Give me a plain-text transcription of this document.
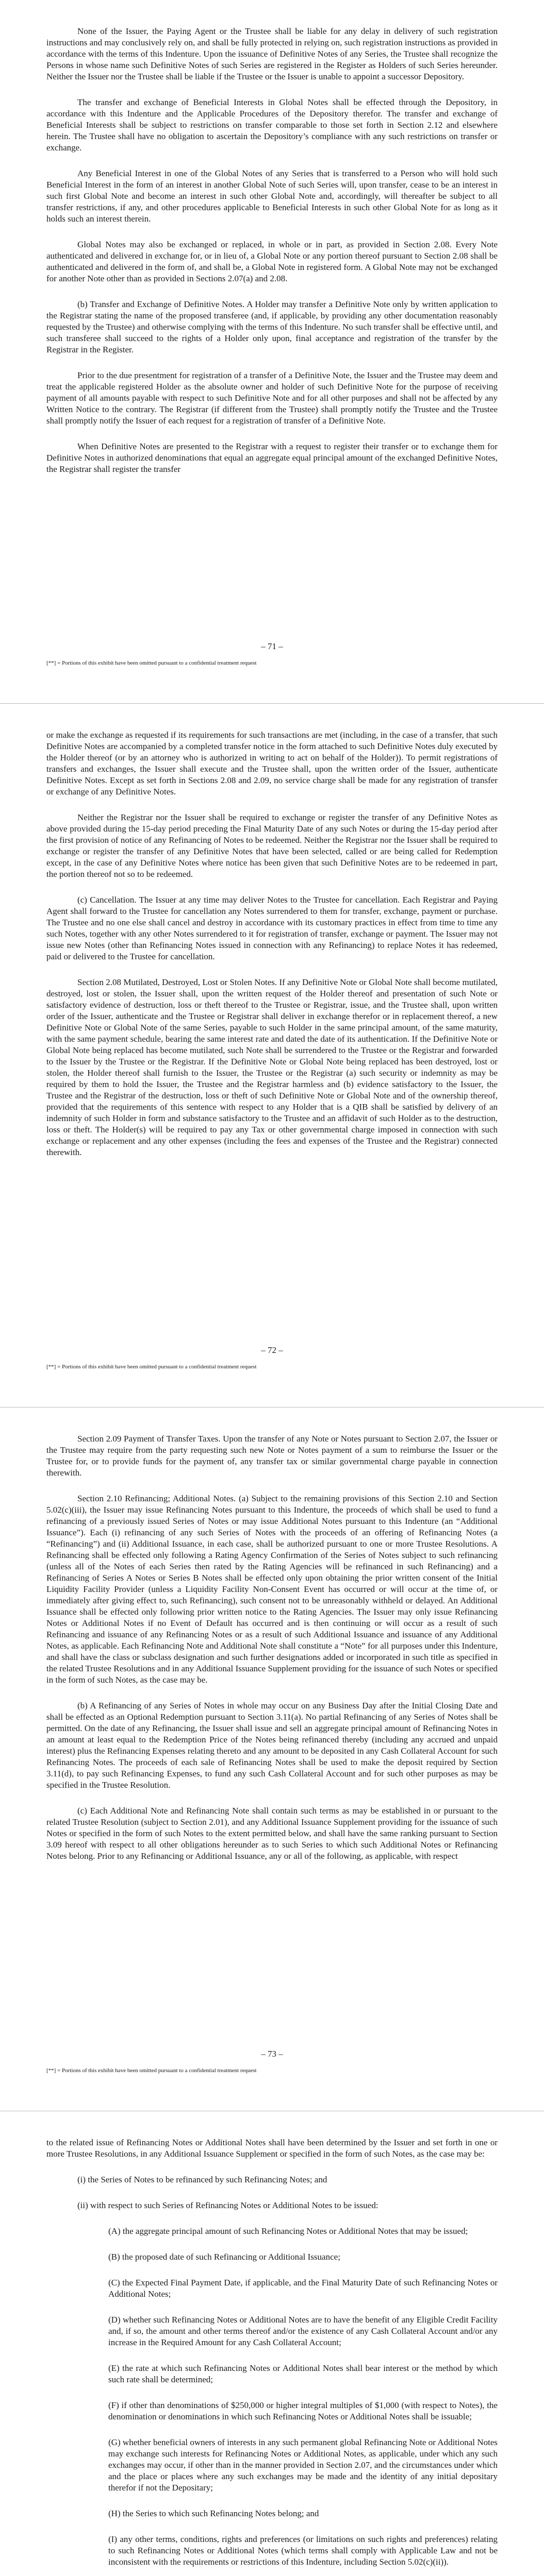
None of the Issuer, the Paying Agent or the Trustee shall be liable for any delay in delivery of such registration instructions and may conclusively rely on, and shall be fully protected in relying on, such registration instructions as provided in accordance with the terms of this Indenture. Upon the issuance of Definitive Notes of any Series, the Trustee shall recognize the Persons in whose name such Definitive Notes of such Series are registered in the Register as Holders of such Series hereunder. Neither the Issuer nor the Trustee shall be liable if the Trustee or the Issuer is unable to appoint a successor Depository.

The transfer and exchange of Beneficial Interests in Global Notes shall be effected through the Depository, in accordance with this Indenture and the Applicable Procedures of the Depository therefor. The transfer and exchange of Beneficial Interests shall be subject to restrictions on transfer comparable to those set forth in Section 2.12 and elsewhere herein. The Trustee shall have no obligation to ascertain the Depository’s compliance with any such restrictions on transfer or exchange.

Any Beneficial Interest in one of the Global Notes of any Series that is transferred to a Person who will hold such Beneficial Interest in the form of an interest in another Global Note of such Series will, upon transfer, cease to be an interest in such first Global Note and become an interest in such other Global Note and, accordingly, will thereafter be subject to all transfer restrictions, if any, and other procedures applicable to Beneficial Interests in such other Global Note for as long as it holds such an interest therein.

Global Notes may also be exchanged or replaced, in whole or in part, as provided in Section 2.08. Every Note authenticated and delivered in exchange for, or in lieu of, a Global Note or any portion thereof pursuant to Section 2.08 shall be authenticated and delivered in the form of, and shall be, a Global Note in registered form. A Global Note may not be exchanged for another Note other than as provided in Sections 2.07(a) and 2.08.

(b) Transfer and Exchange of Definitive Notes. A Holder may transfer a Definitive Note only by written application to the Registrar stating the name of the proposed transferee (and, if applicable, by providing any other documentation reasonably requested by the Trustee) and otherwise complying with the terms of this Indenture. No such transfer shall be effective until, and such transferee shall succeed to the rights of a Holder only upon, final acceptance and registration of the transfer by the Registrar in the Register.

Prior to the due presentment for registration of a transfer of a Definitive Note, the Issuer and the Trustee may deem and treat the applicable registered Holder as the absolute owner and holder of such Definitive Note for the purpose of receiving payment of all amounts payable with respect to such Definitive Note and for all other purposes and shall not be affected by any Written Notice to the contrary. The Registrar (if different from the Trustee) shall promptly notify the Trustee and the Trustee shall promptly notify the Issuer of each request for a registration of transfer of a Definitive Note.

When Definitive Notes are presented to the Registrar with a request to register their transfer or to exchange them for Definitive Notes in authorized denominations that equal an aggregate equal principal amount of the exchanged Definitive Notes, the Registrar shall register the transfer

– 71 –
[**] = Portions of this exhibit have been omitted pursuant to a confidential treatment request

or make the exchange as requested if its requirements for such transactions are met (including, in the case of a transfer, that such Definitive Notes are accompanied by a completed transfer notice in the form attached to such Definitive Notes duly executed by the Holder thereof (or by an attorney who is authorized in writing to act on behalf of the Holder)). To permit registrations of transfers and exchanges, the Issuer shall execute and the Trustee shall, upon the written order of the Issuer, authenticate Definitive Notes. Except as set forth in Sections 2.08 and 2.09, no service charge shall be made for any registration of transfer or exchange of any Definitive Notes.

Neither the Registrar nor the Issuer shall be required to exchange or register the transfer of any Definitive Notes as above provided during the 15-day period preceding the Final Maturity Date of any such Notes or during the 15-day period after the first provision of notice of any Refinancing of Notes to be redeemed. Neither the Registrar nor the Issuer shall be required to exchange or register the transfer of any Definitive Notes that have been selected, called or are being called for Redemption except, in the case of any Definitive Notes where notice has been given that such Definitive Notes are to be redeemed in part, the portion thereof not so to be redeemed.

(c) Cancellation. The Issuer at any time may deliver Notes to the Trustee for cancellation. Each Registrar and Paying Agent shall forward to the Trustee for cancellation any Notes surrendered to them for transfer, exchange, payment or purchase. The Trustee and no one else shall cancel and destroy in accordance with its customary practices in effect from time to time any such Notes, together with any other Notes surrendered to it for registration of transfer, exchange or payment. The Issuer may not issue new Notes (other than Refinancing Notes issued in connection with any Refinancing) to replace Notes it has redeemed, paid or delivered to the Trustee for cancellation.

Section 2.08 Mutilated, Destroyed, Lost or Stolen Notes. If any Definitive Note or Global Note shall become mutilated, destroyed, lost or stolen, the Issuer shall, upon the written request of the Holder thereof and presentation of such Note or satisfactory evidence of destruction, loss or theft thereof to the Trustee or Registrar, issue, and the Trustee shall, upon written order of the Issuer, authenticate and the Trustee or Registrar shall deliver in exchange therefor or in replacement thereof, a new Definitive Note or Global Note of the same Series, payable to such Holder in the same principal amount, of the same maturity, with the same payment schedule, bearing the same interest rate and dated the date of its authentication. If the Definitive Note or Global Note being replaced has become mutilated, such Note shall be surrendered to the Trustee or the Registrar and forwarded to the Issuer by the Trustee or the Registrar. If the Definitive Note or Global Note being replaced has been destroyed, lost or stolen, the Holder thereof shall furnish to the Issuer, the Trustee or the Registrar (a) such security or indemnity as may be required by them to hold the Issuer, the Trustee and the Registrar harmless and (b) evidence satisfactory to the Issuer, the Trustee and the Registrar of the destruction, loss or theft of such Definitive Note or Global Note and of the ownership thereof, provided that the requirements of this sentence with respect to any Holder that is a QIB shall be satisfied by delivery of an indemnity of such Holder in form and substance satisfactory to the Trustee and an affidavit of such Holder as to the destruction, loss or theft. The Holder(s) will be required to pay any Tax or other governmental charge imposed in connection with such exchange or replacement and any other expenses (including the fees and expenses of the Trustee and the Registrar) connected therewith.

– 72 –
[**] = Portions of this exhibit have been omitted pursuant to a confidential treatment request

Section 2.09 Payment of Transfer Taxes. Upon the transfer of any Note or Notes pursuant to Section 2.07, the Issuer or the Trustee may require from the party requesting such new Note or Notes payment of a sum to reimburse the Issuer or the Trustee for, or to provide funds for the payment of, any transfer tax or similar governmental charge payable in connection therewith.

Section 2.10 Refinancing; Additional Notes. (a) Subject to the remaining provisions of this Section 2.10 and Section 5.02(c)(iii), the Issuer may issue Refinancing Notes pursuant to this Indenture, the proceeds of which shall be used to fund a refinancing of a previously issued Series of Notes or may issue Additional Notes pursuant to this Indenture (an “Additional Issuance”). Each (i) refinancing of any such Series of Notes with the proceeds of an offering of Refinancing Notes (a “Refinancing”) and (ii) Additional Issuance, in each case, shall be authorized pursuant to one or more Trustee Resolutions. A Refinancing shall be effected only following a Rating Agency Confirmation of the Series of Notes subject to such refinancing (unless all of the Notes of each Series then rated by the Rating Agencies will be refinanced in such Refinancing) and a Refinancing of Series A Notes or Series B Notes shall be effected only upon obtaining the prior written consent of the Initial Liquidity Facility Provider (unless a Liquidity Facility Non-Consent Event has occurred or will occur at the time of, or immediately after giving effect to, such Refinancing), such consent not to be unreasonably withheld or delayed. An Additional Issuance shall be effected only following prior written notice to the Rating Agencies. The Issuer may only issue Refinancing Notes or Additional Notes if no Event of Default has occurred and is then continuing or will occur as a result of such Refinancing and issuance of any Refinancing Notes or as a result of such Additional Issuance and issuance of any Additional Notes, as applicable. Each Refinancing Note and Additional Note shall constitute a “Note” for all purposes under this Indenture, and shall have the class or subclass designation and such further designations added or incorporated in such title as specified in the related Trustee Resolutions and in any Additional Issuance Supplement providing for the issuance of such Notes or specified in the form of such Notes, as the case may be.

(b) A Refinancing of any Series of Notes in whole may occur on any Business Day after the Initial Closing Date and shall be effected as an Optional Redemption pursuant to Section 3.11(a). No partial Refinancing of any Series of Notes shall be permitted. On the date of any Refinancing, the Issuer shall issue and sell an aggregate principal amount of Refinancing Notes in an amount at least equal to the Redemption Price of the Notes being refinanced thereby (including any accrued and unpaid interest) plus the Refinancing Expenses relating thereto and any amount to be deposited in any Cash Collateral Account for such Refinancing Notes. The proceeds of each sale of Refinancing Notes shall be used to make the deposit required by Section 3.11(d), to pay such Refinancing Expenses, to fund any such Cash Collateral Account and for such other purposes as may be specified in the Trustee Resolution.

(c) Each Additional Note and Refinancing Note shall contain such terms as may be established in or pursuant to the related Trustee Resolution (subject to Section 2.01), and any Additional Issuance Supplement providing for the issuance of such Notes or specified in the form of such Notes to the extent permitted below, and shall have the same ranking pursuant to Section 3.09 hereof with respect to all other obligations hereunder as to such Series to which such Additional Notes or Refinancing Notes belong. Prior to any Refinancing or Additional Issuance, any or all of the following, as applicable, with respect

– 73 –
[**] = Portions of this exhibit have been omitted pursuant to a confidential treatment request

to the related issue of Refinancing Notes or Additional Notes shall have been determined by the Issuer and set forth in one or more Trustee Resolutions, in any Additional Issuance Supplement or specified in the form of such Notes, as the case may be:

(i) the Series of Notes to be refinanced by such Refinancing Notes; and

(ii) with respect to such Series of Refinancing Notes or Additional Notes to be issued:

(A) the aggregate principal amount of such Refinancing Notes or Additional Notes that may be issued;

(B) the proposed date of such Refinancing or Additional Issuance;

(C) the Expected Final Payment Date, if applicable, and the Final Maturity Date of such Refinancing Notes or Additional Notes;

(D) whether such Refinancing Notes or Additional Notes are to have the benefit of any Eligible Credit Facility and, if so, the amount and other terms thereof and/or the existence of any Cash Collateral Account and/or any increase in the Required Amount for any Cash Collateral Account;

(E) the rate at which such Refinancing Notes or Additional Notes shall bear interest or the method by which such rate shall be determined;

(F) if other than denominations of $250,000 or higher integral multiples of $1,000 (with respect to Notes), the denomination or denominations in which such Refinancing Notes or Additional Notes shall be issuable;

(G) whether beneficial owners of interests in any such permanent global Refinancing Note or Additional Notes may exchange such interests for Refinancing Notes or Additional Notes, as applicable, under which any such exchanges may occur, if other than in the manner provided in Section 2.07, and the circumstances under which and the place or places where any such exchanges may be made and the identity of any initial depositary therefor if not the Depositary;

(H) the Series to which such Refinancing Notes belong; and

(I) any other terms, conditions, rights and preferences (or limitations on such rights and preferences) relating to such Refinancing Notes or Additional Notes (which terms shall comply with Applicable Law and not be inconsistent with the requirements or restrictions of this Indenture, including Section 5.02(c)(ii)).
